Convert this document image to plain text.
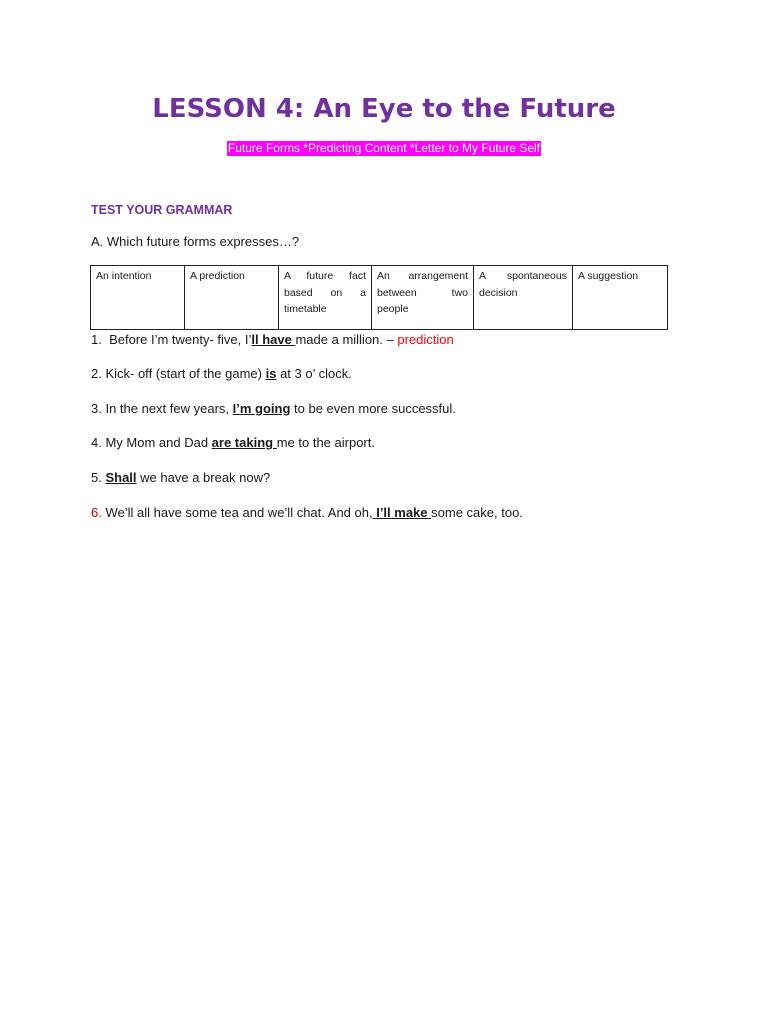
LESSON 4: An Eye to the Future
Future Forms *Predicting Content *Letter to My Future Self
TEST YOUR GRAMMAR
A. Which future forms expresses…?
An intention	A prediction	A future fact based on a timetable	An arrangement between two people	A spontaneous decision	A suggestion
1.  Before I’m twenty- five, I’ll have made a million. – prediction
2. Kick- off (start of the game) is at 3 o’ clock.
3. In the next few years, I’m going to be even more successful.
4. My Mom and Dad are taking me to the airport.
5. Shall we have a break now?
6. We’ll all have some tea and we’ll chat. And oh, I’ll make some cake, too.
